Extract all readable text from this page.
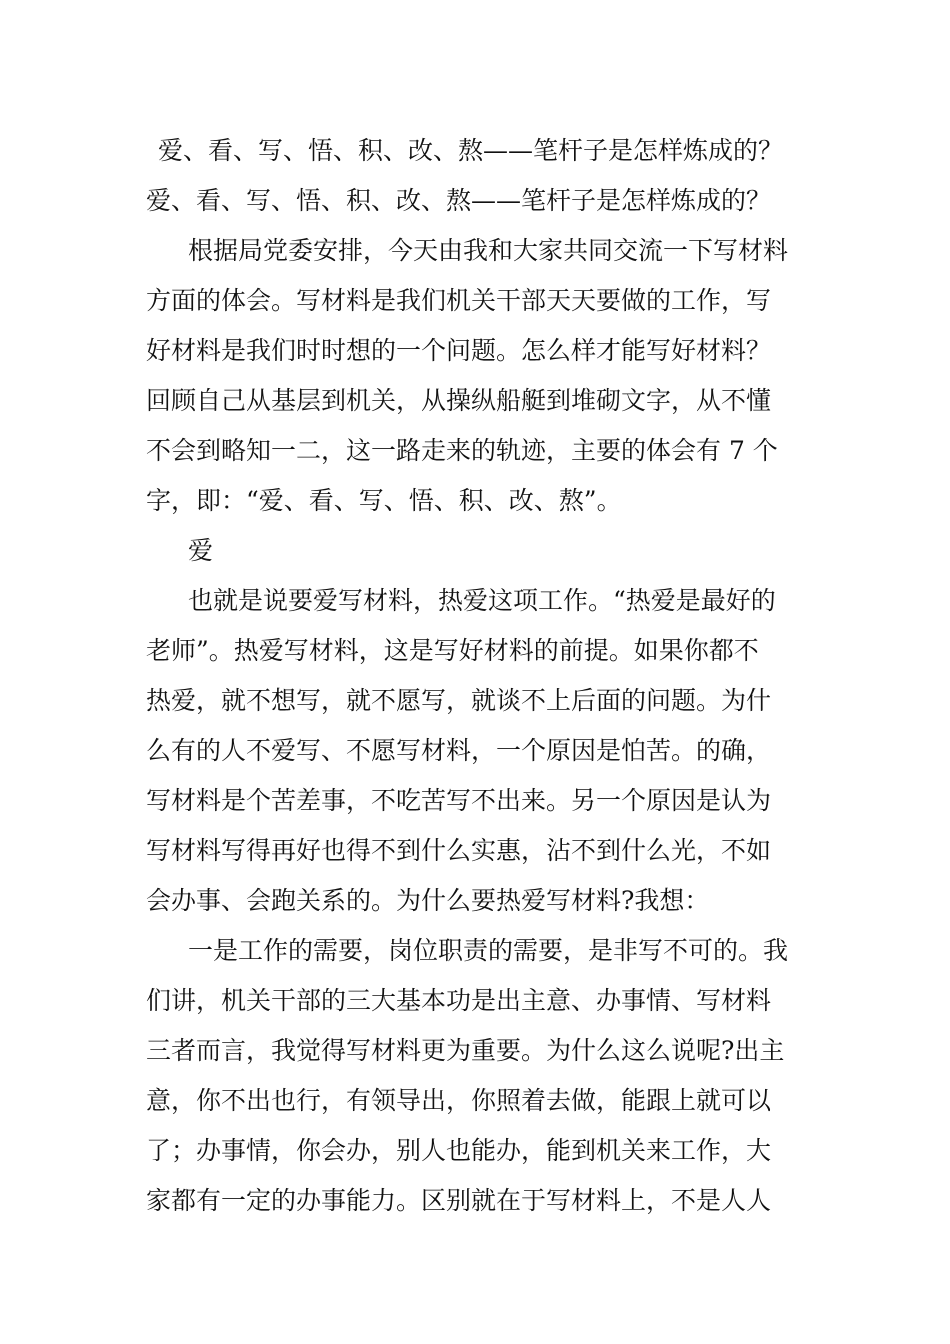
爱、看、写、悟、积、改、熬——笔杆子是怎样炼成的？
爱、看、写、悟、积、改、熬——笔杆子是怎样炼成的？
根据局党委安排，今天由我和大家共同交流一下写材料
方面的体会。写材料是我们机关干部天天要做的工作，写
好材料是我们时时想的一个问题。怎么样才能写好材料？
回顾自己从基层到机关，从操纵船艇到堆砌文字，从不懂
不会到略知一二，这一路走来的轨迹，主要的体会有 7 个
字，即：“爱、看、写、悟、积、改、熬”。
爱
也就是说要爱写材料，热爱这项工作。“热爱是最好的
老师”。热爱写材料，这是写好材料的前提。如果你都不
热爱，就不想写，就不愿写，就谈不上后面的问题。为什
么有的人不爱写、不愿写材料，一个原因是怕苦。的确，
写材料是个苦差事，不吃苦写不出来。另一个原因是认为
写材料写得再好也得不到什么实惠，沾不到什么光，不如
会办事、会跑关系的。为什么要热爱写材料?我想：
一是工作的需要，岗位职责的需要，是非写不可的。我
们讲，机关干部的三大基本功是出主意、办事情、写材料
三者而言，我觉得写材料更为重要。为什么这么说呢?出主
意，你不出也行，有领导出，你照着去做，能跟上就可以
了；办事情，你会办，别人也能办，能到机关来工作，大
家都有一定的办事能力。区别就在于写材料上，不是人人
